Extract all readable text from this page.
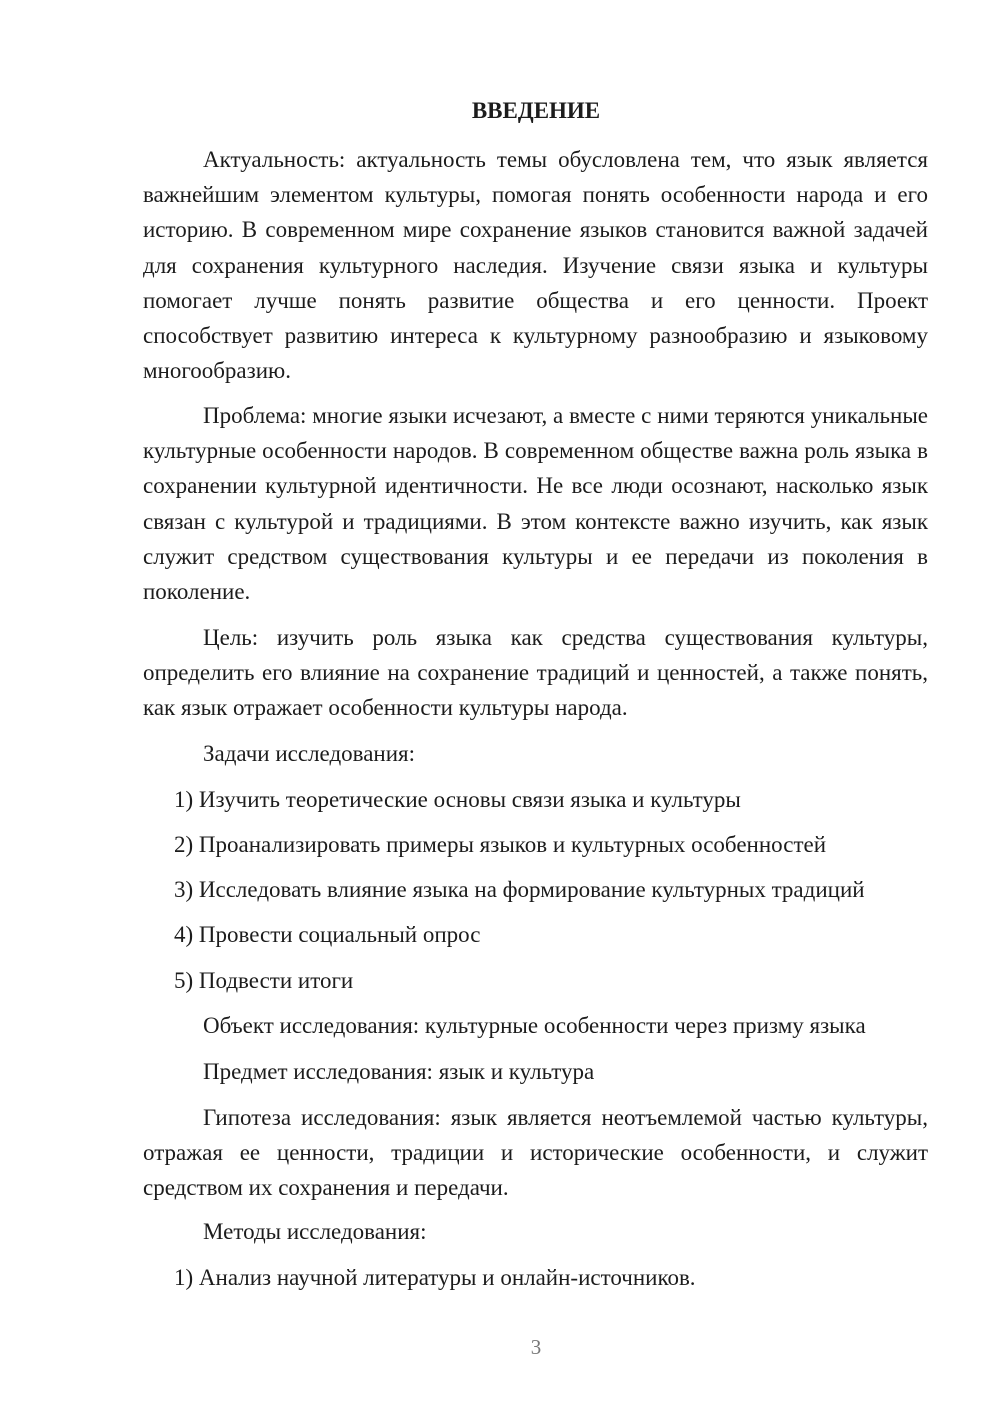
ВВЕДЕНИЕ

Актуальность: актуальность темы обусловлена тем, что язык является важнейшим элементом культуры, помогая понять особенности народа и его историю. В современном мире сохранение языков становится важной задачей для сохранения культурного наследия. Изучение связи языка и культуры помогает лучше понять развитие общества и его ценности. Проект способствует развитию интереса к культурному разнообразию и языковому многообразию.

Проблема: многие языки исчезают, а вместе с ними теряются уникальные культурные особенности народов. В современном обществе важна роль языка в сохранении культурной идентичности. Не все люди осознают, насколько язык связан с культурой и традициями. В этом контексте важно изучить, как язык служит средством существования культуры и ее передачи из поколения в поколение.

Цель: изучить роль языка как средства существования культуры, определить его влияние на сохранение традиций и ценностей, а также понять, как язык отражает особенности культуры народа.

Задачи исследования:

1) Изучить теоретические основы связи языка и культуры

2) Проанализировать примеры языков и культурных особенностей

3) Исследовать влияние языка на формирование культурных традиций

4) Провести социальный опрос

5) Подвести итоги

Объект исследования: культурные особенности через призму языка

Предмет исследования: язык и культура

Гипотеза исследования: язык является неотъемлемой частью культуры, отражая ее ценности, традиции и исторические особенности, и служит средством их сохранения и передачи.

Методы исследования:

1) Анализ научной литературы и онлайн-источников.

3
